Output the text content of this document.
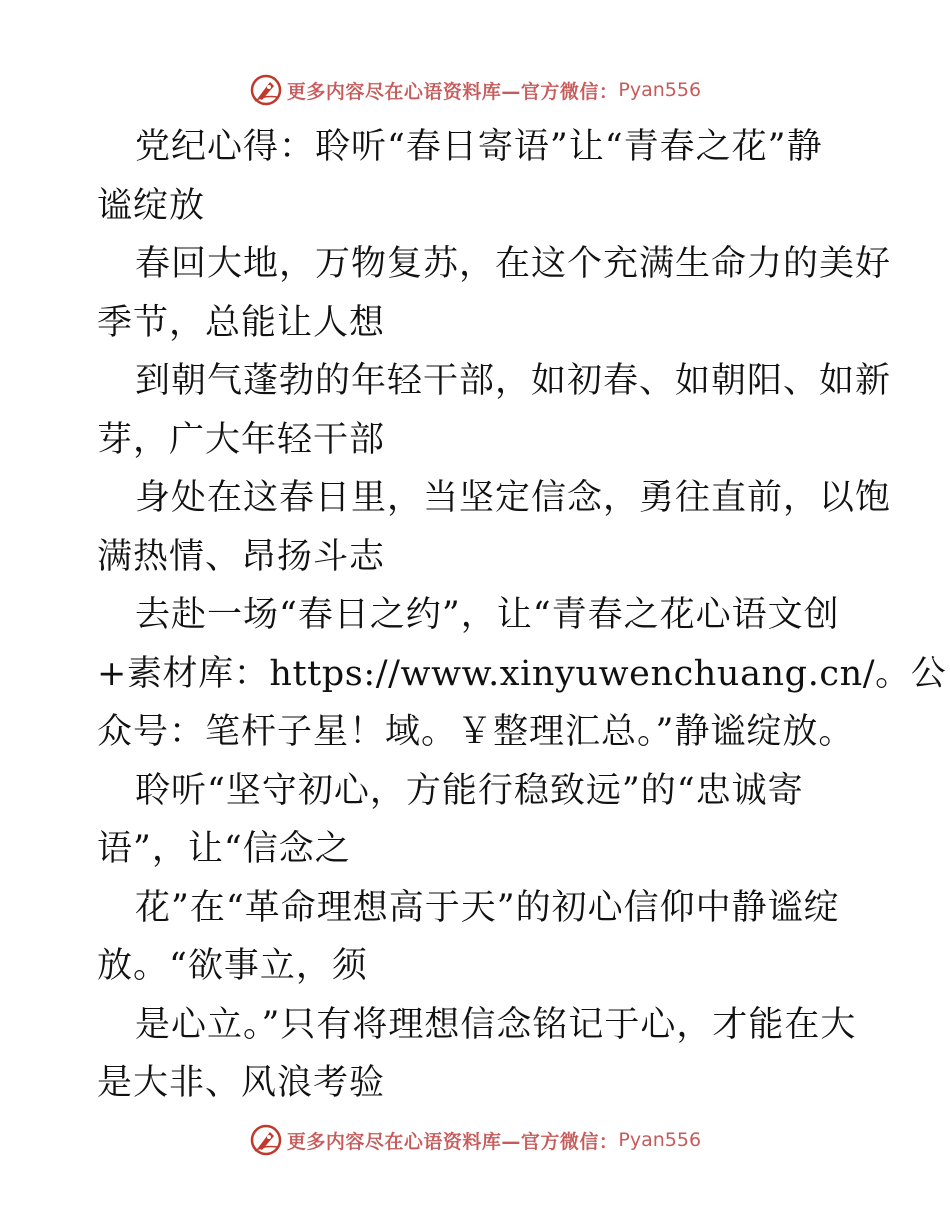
更多内容尽在心语资料库—官方微信： Pyan556
党纪心得：聆听“春日寄语”让“青春之花”静
谧绽放
春回大地，万物复苏，在这个充满生命力的美好
季节，总能让人想
到朝气蓬勃的年轻干部，如初春、如朝阳、如新
芽，广大年轻干部
身处在这春日里，当坚定信念，勇往直前，以饱
满热情、昂扬斗志
去赴一场“春日之约”，让“青春之花心语文创
+素材库：https://www.xinyuwenchuang.cn/。公
众号：笔杆子星！域。￥整理汇总。”静谧绽放。
聆听“坚守初心，方能行稳致远”的“忠诚寄
语”，让“信念之
花”在“革命理想高于天”的初心信仰中静谧绽
放。“欲事立，须
是心立。”只有将理想信念铭记于心，才能在大
是大非、风浪考验
更多内容尽在心语资料库—官方微信： Pyan556
